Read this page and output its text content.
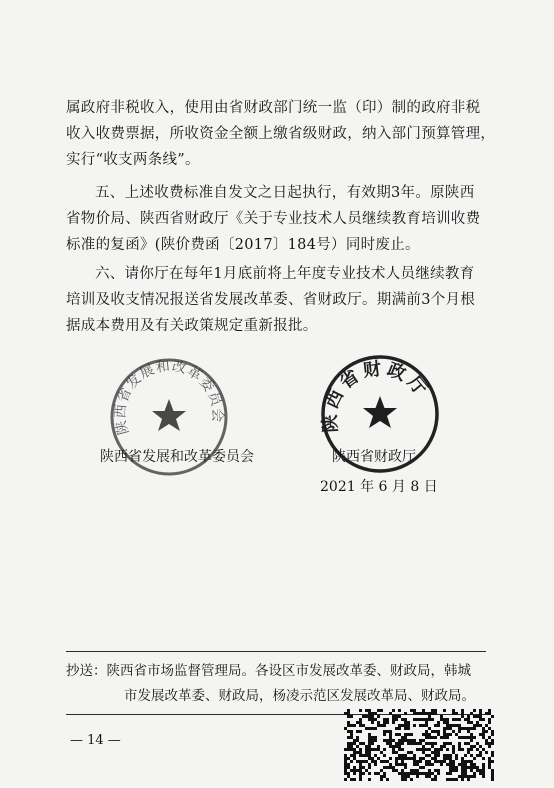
属政府非税收入，使用由省财政部门统一监（印）制的政府非税
收入收费票据，所收资金全额上缴省级财政，纳入部门预算管理，
实行“收支两条线”。
五、上述收费标准自发文之日起执行，有效期3年。原陕西
省物价局、陕西省财政厅《关于专业技术人员继续教育培训收费
标准的复函》(陕价费函〔2017〕184号）同时废止。
六、请你厅在每年1月底前将上年度专业技术人员继续教育
培训及收支情况报送省发展改革委、省财政厅。期满前3个月根
据成本费用及有关政策规定重新报批。
陕西省发展和改革委员会	陕西省财政厅
陕西省发展和改革委员会	陕西省财政厅
2021 年 6 月 8 日
抄送：陕西省市场监督管理局。各设区市发展改革委、财政局，韩城
市发展改革委、财政局，杨凌示范区发展改革局、财政局。
— 14 —
